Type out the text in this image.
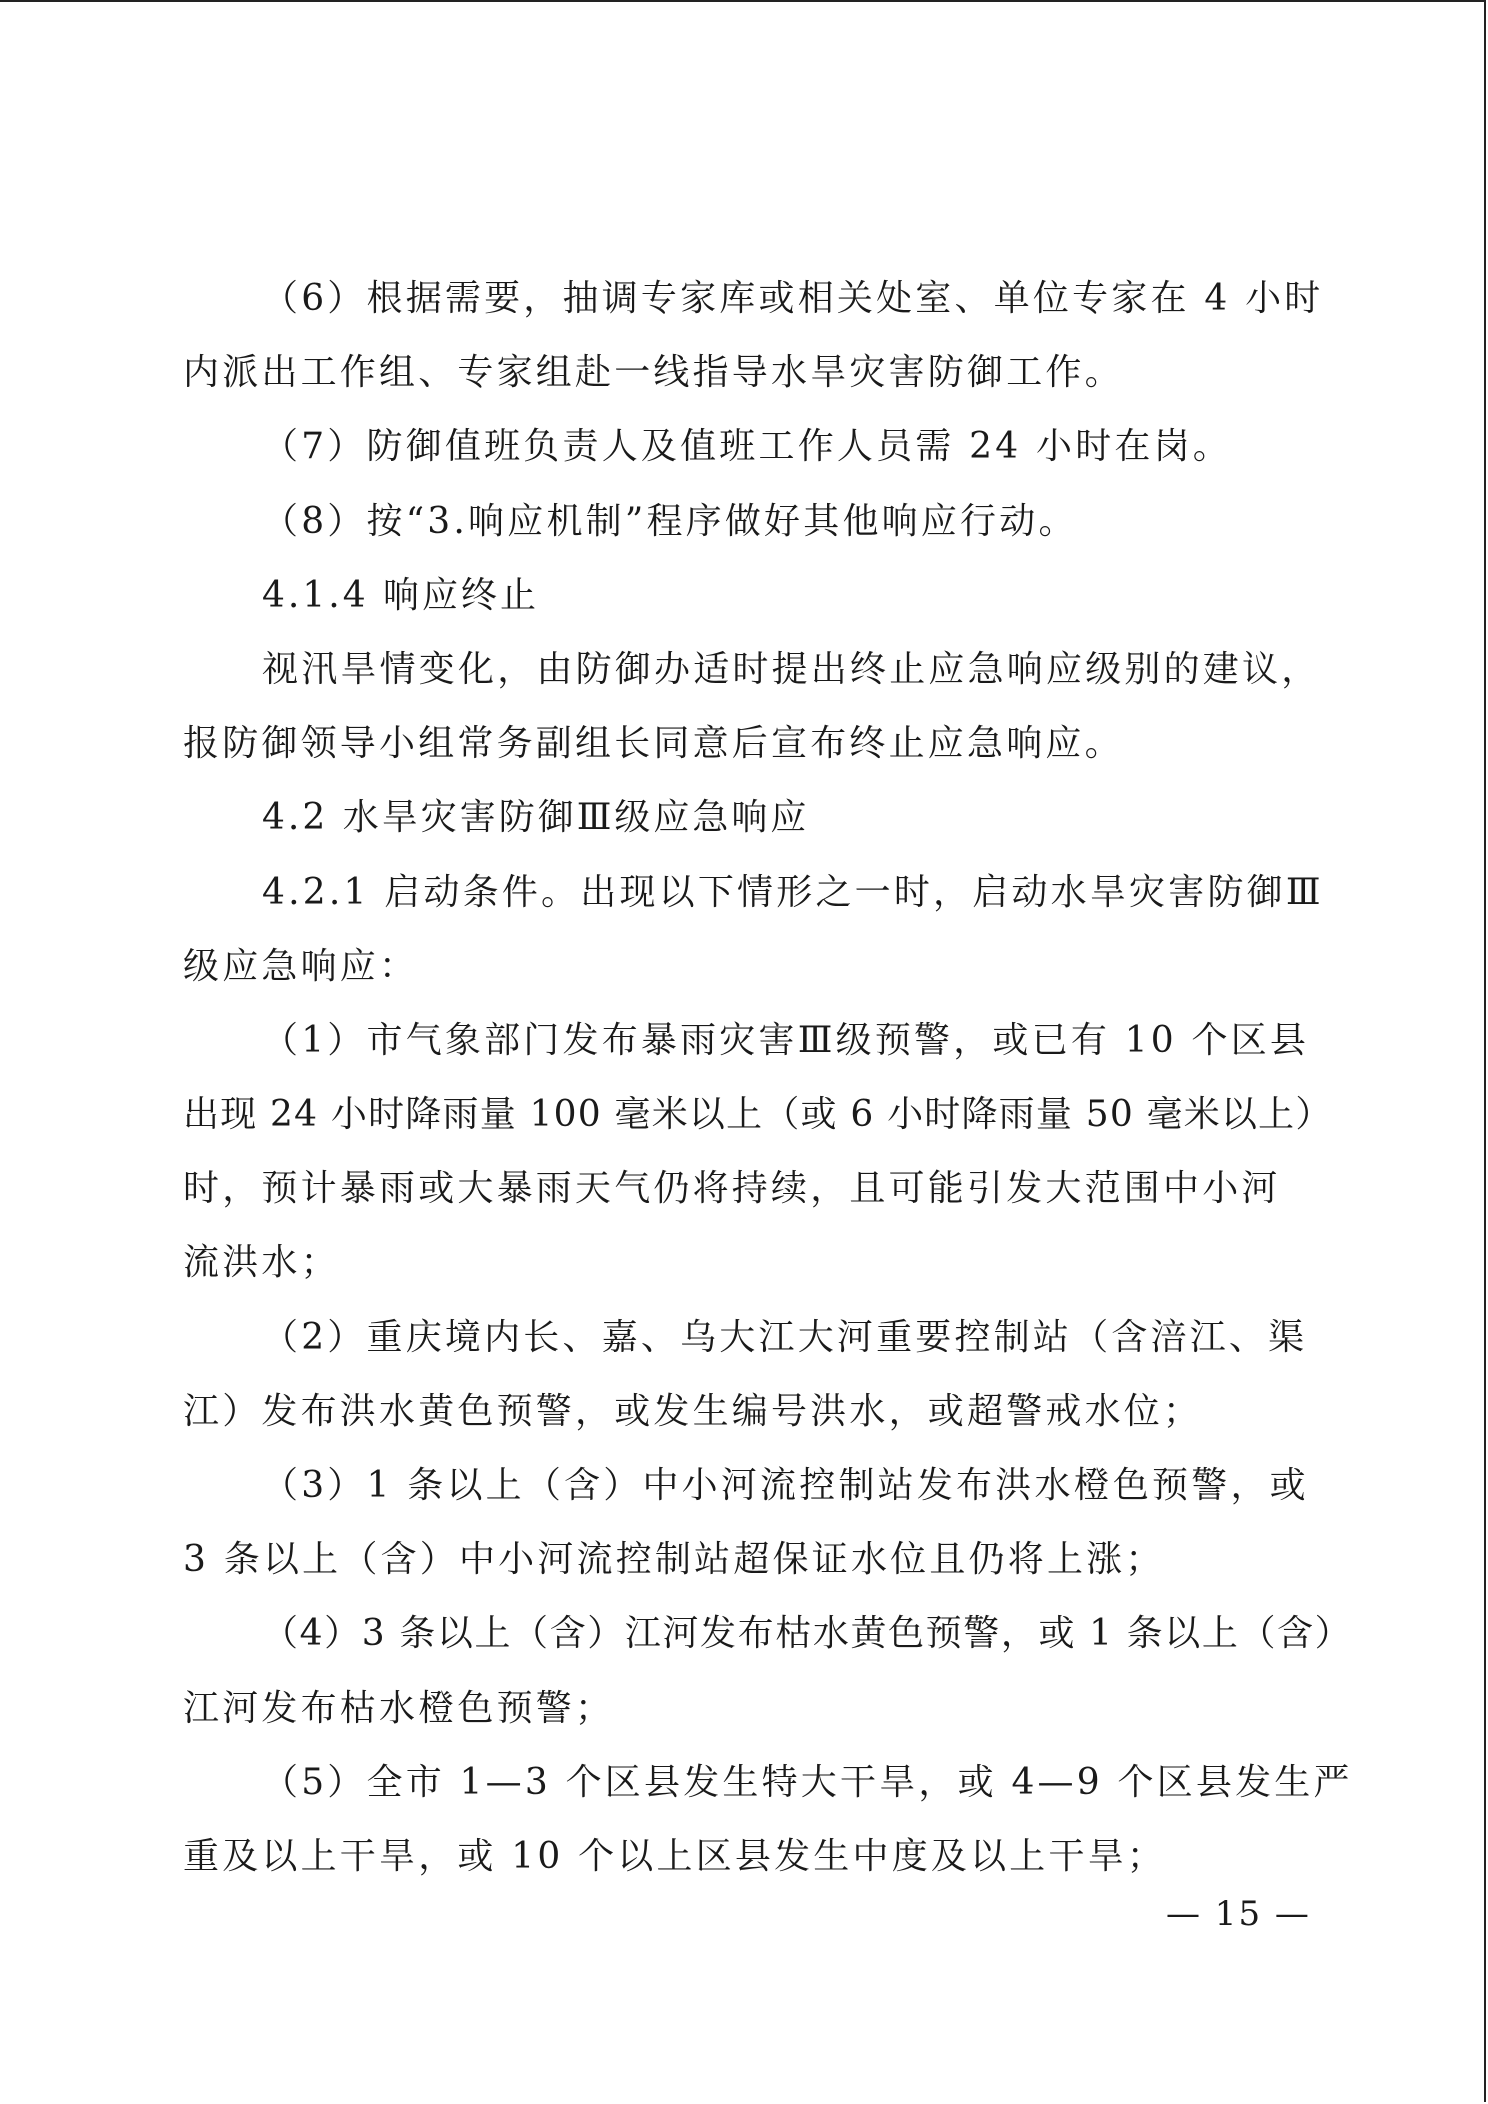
（6）根据需要，抽调专家库或相关处室、单位专家在 4 小时
内派出工作组、专家组赴一线指导水旱灾害防御工作。
（7）防御值班负责人及值班工作人员需 24 小时在岗。
（8）按“3.响应机制”程序做好其他响应行动。
4.1.4 响应终止
视汛旱情变化，由防御办适时提出终止应急响应级别的建议，
报防御领导小组常务副组长同意后宣布终止应急响应。
4.2 水旱灾害防御Ⅲ级应急响应
4.2.1 启动条件。出现以下情形之一时，启动水旱灾害防御Ⅲ
级应急响应：
（1）市气象部门发布暴雨灾害Ⅲ级预警，或已有 10 个区县
出现 24 小时降雨量 100 毫米以上（或 6 小时降雨量 50 毫米以上）
时，预计暴雨或大暴雨天气仍将持续，且可能引发大范围中小河
流洪水；
（2）重庆境内长、嘉、乌大江大河重要控制站（含涪江、渠
江）发布洪水黄色预警，或发生编号洪水，或超警戒水位；
（3）1 条以上（含）中小河流控制站发布洪水橙色预警，或
3 条以上（含）中小河流控制站超保证水位且仍将上涨；
（4）3 条以上（含）江河发布枯水黄色预警，或 1 条以上（含）
江河发布枯水橙色预警；
（5）全市 1—3 个区县发生特大干旱，或 4—9 个区县发生严
重及以上干旱，或 10 个以上区县发生中度及以上干旱；
— 15 —
